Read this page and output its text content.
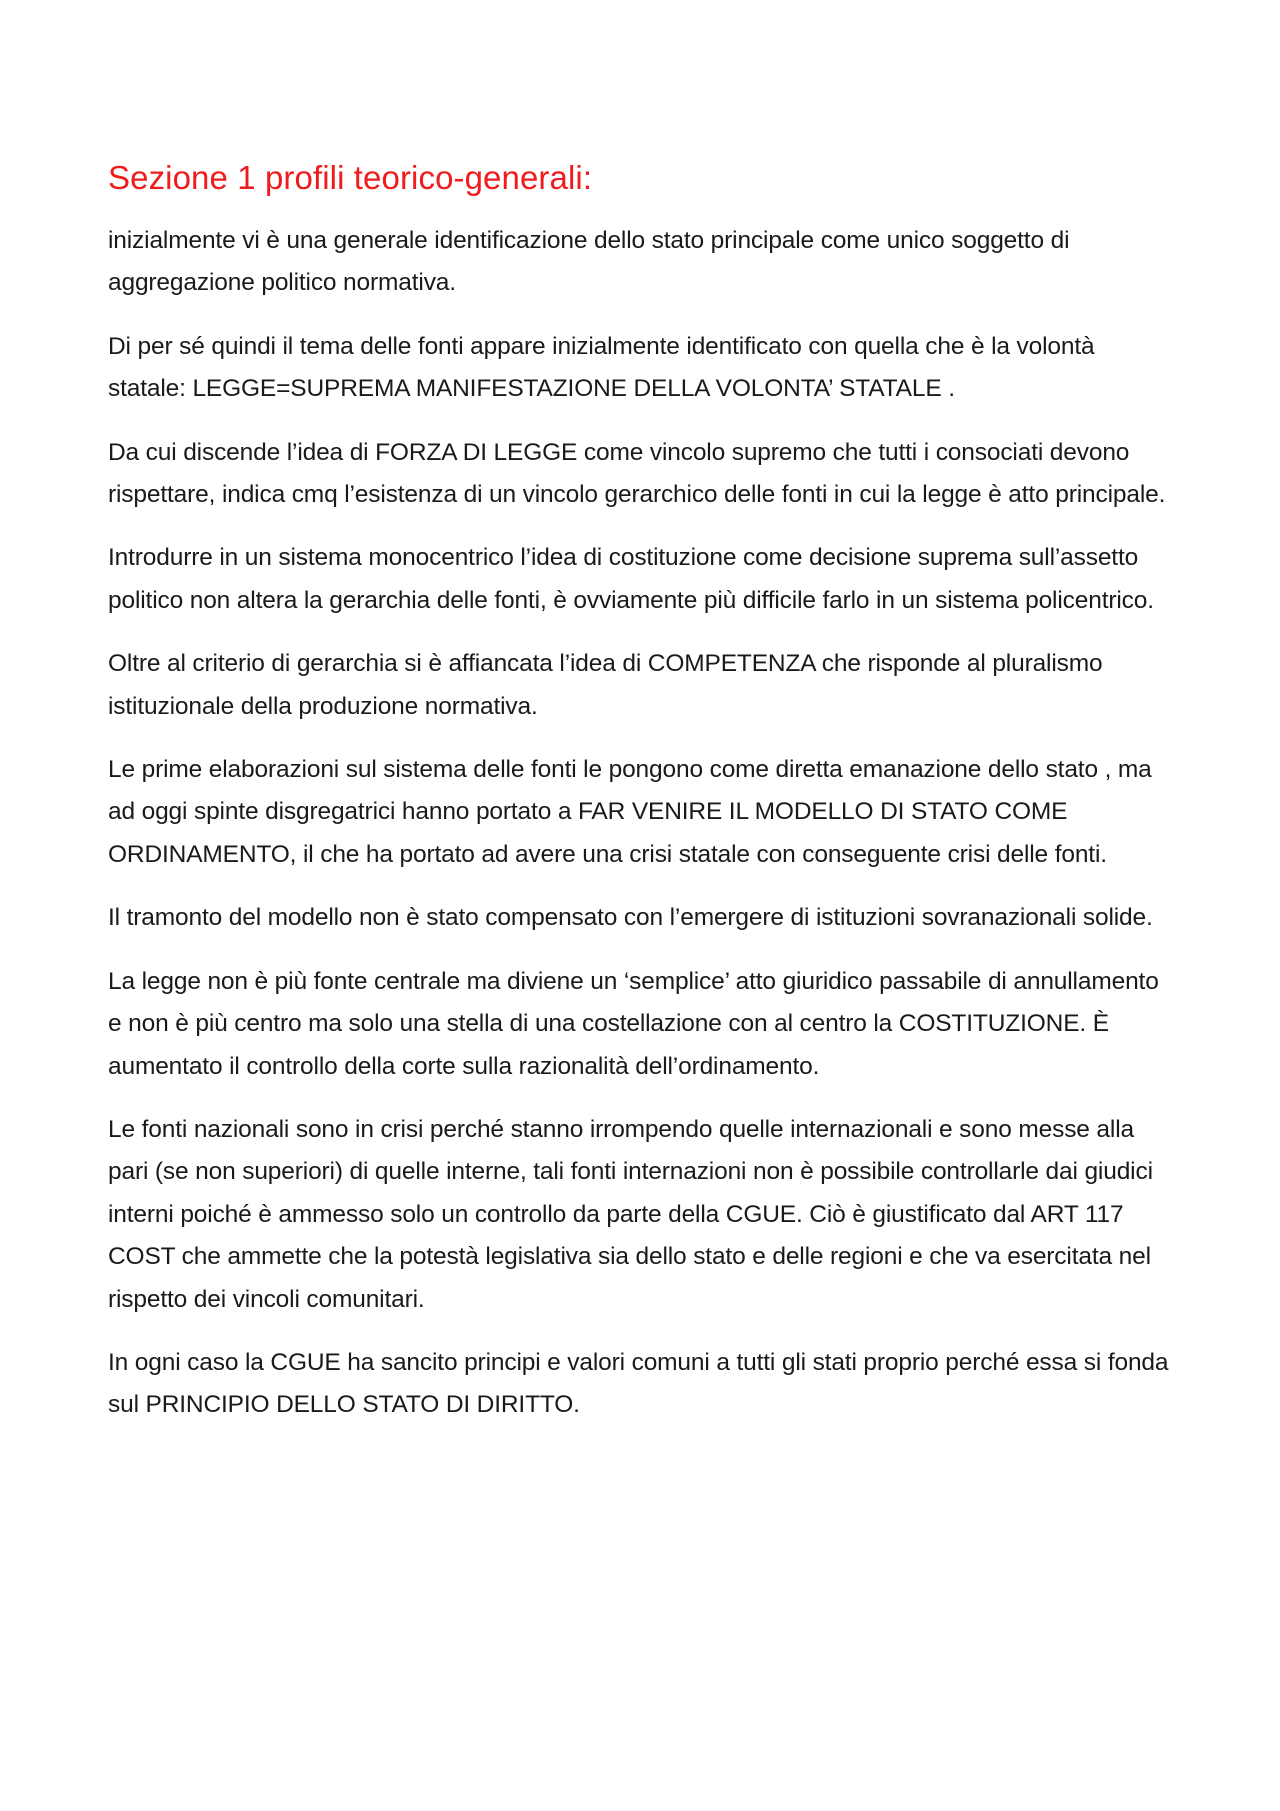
Sezione 1 profili teorico-generali:

inizialmente vi è una generale identificazione dello stato principale come unico soggetto di aggregazione politico normativa.

Di per sé quindi il tema delle fonti appare inizialmente identificato con quella che è la volontà statale: LEGGE=SUPREMA MANIFESTAZIONE DELLA VOLONTA’ STATALE .

Da cui discende l’idea di FORZA DI LEGGE come vincolo supremo che tutti i consociati devono rispettare, indica cmq l’esistenza di un vincolo gerarchico delle fonti in cui la legge è atto principale.

Introdurre in un sistema monocentrico l’idea di costituzione come decisione suprema sull’assetto politico non altera la gerarchia delle fonti, è ovviamente più difficile farlo in un sistema policentrico.

Oltre al criterio di gerarchia si è affiancata l’idea di COMPETENZA che risponde al pluralismo istituzionale della produzione normativa.

Le prime elaborazioni sul sistema delle fonti le pongono come diretta emanazione dello stato , ma ad oggi spinte disgregatrici hanno portato a FAR VENIRE IL MODELLO DI STATO COME ORDINAMENTO, il che ha portato ad avere una crisi statale con conseguente crisi delle fonti.

Il tramonto del modello non è stato compensato con l’emergere di istituzioni sovranazionali solide.

La legge non è più fonte centrale ma diviene un ‘semplice’ atto giuridico passabile di annullamento e non è più centro ma solo una stella di una costellazione con al centro la COSTITUZIONE. È aumentato il controllo della corte sulla razionalità dell’ordinamento.

Le fonti nazionali sono in crisi perché stanno irrompendo quelle internazionali e sono messe alla pari (se non superiori) di quelle interne, tali fonti internazioni non è possibile controllarle dai giudici interni poiché è ammesso solo un controllo da parte della CGUE. Ciò è giustificato dal ART 117 COST che ammette che la potestà legislativa sia dello stato e delle regioni e che va esercitata nel rispetto dei vincoli comunitari.

In ogni caso la CGUE ha sancito principi e valori comuni a tutti gli stati proprio perché essa si fonda sul PRINCIPIO DELLO STATO DI DIRITTO.
